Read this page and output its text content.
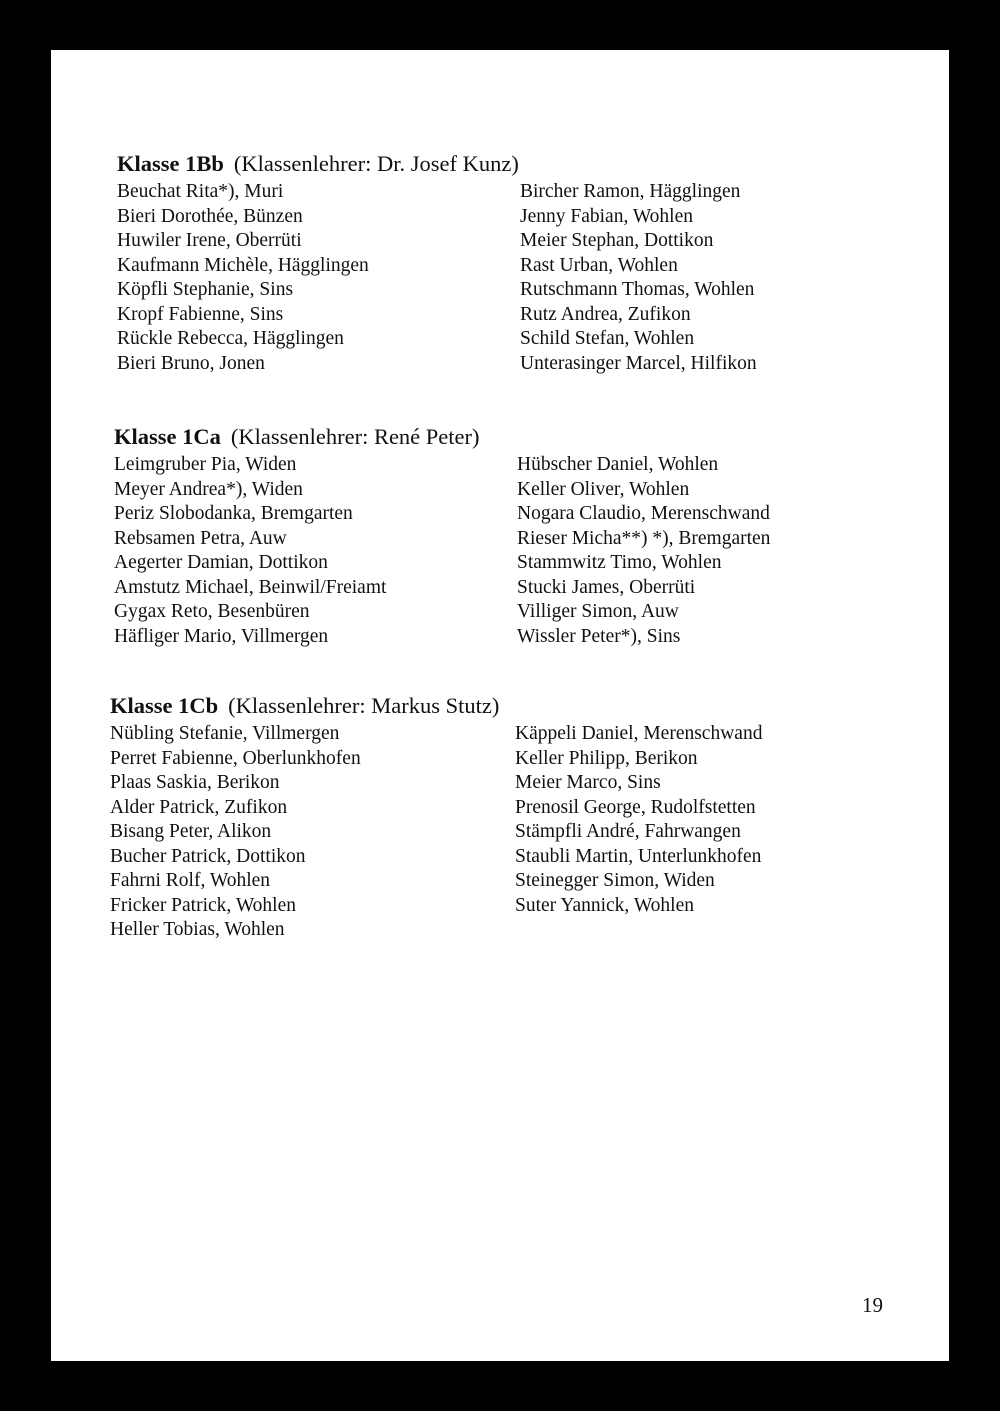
Klasse 1Bb (Klassenlehrer: Dr. Josef Kunz)
Beuchat Rita*), Muri
Bieri Dorothée, Bünzen
Huwiler Irene, Oberrüti
Kaufmann Michèle, Hägglingen
Köpfli Stephanie, Sins
Kropf Fabienne, Sins
Rückle Rebecca, Hägglingen
Bieri Bruno, Jonen
Bircher Ramon, Hägglingen
Jenny Fabian, Wohlen
Meier Stephan, Dottikon
Rast Urban, Wohlen
Rutschmann Thomas, Wohlen
Rutz Andrea, Zufikon
Schild Stefan, Wohlen
Unterasinger Marcel, Hilfikon
Klasse 1Ca (Klassenlehrer: René Peter)
Leimgruber Pia, Widen
Meyer Andrea*), Widen
Periz Slobodanka, Bremgarten
Rebsamen Petra, Auw
Aegerter Damian, Dottikon
Amstutz Michael, Beinwil/Freiamt
Gygax Reto, Besenbüren
Häfliger Mario, Villmergen
Hübscher Daniel, Wohlen
Keller Oliver, Wohlen
Nogara Claudio, Merenschwand
Rieser Micha**) *), Bremgarten
Stammwitz Timo, Wohlen
Stucki James, Oberrüti
Villiger Simon, Auw
Wissler Peter*), Sins
Klasse 1Cb (Klassenlehrer: Markus Stutz)
Nübling Stefanie, Villmergen
Perret Fabienne, Oberlunkhofen
Plaas Saskia, Berikon
Alder Patrick, Zufikon
Bisang Peter, Alikon
Bucher Patrick, Dottikon
Fahrni Rolf, Wohlen
Fricker Patrick, Wohlen
Heller Tobias, Wohlen
Käppeli Daniel, Merenschwand
Keller Philipp, Berikon
Meier Marco, Sins
Prenosil George, Rudolfstetten
Stämpfli André, Fahrwangen
Staubli Martin, Unterlunkhofen
Steinegger Simon, Widen
Suter Yannick, Wohlen
19
